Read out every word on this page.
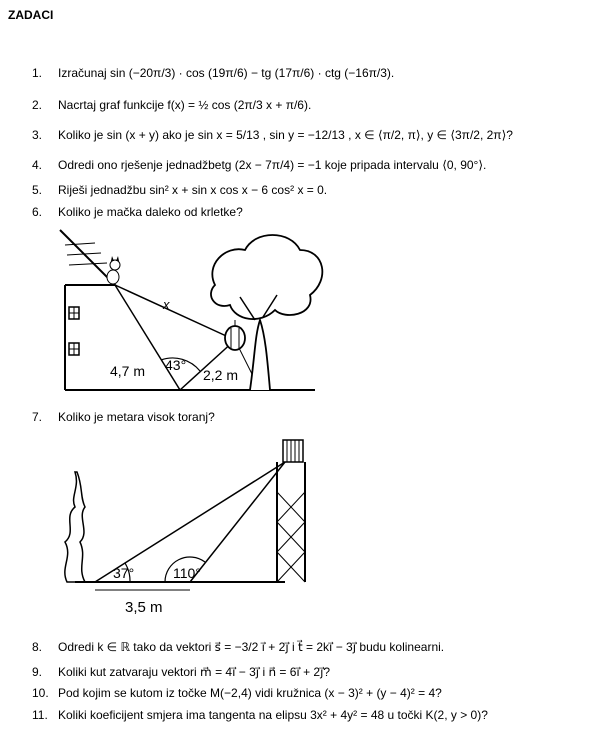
ZADACI
1. Izračunaj sin (−20π/3) · cos (19π/6) − tg (17π/6) · ctg (−16π/3).
2. Nacrtaj graf funkcije f(x) = ½ cos (2π/3 x + π/6).
3. Koliko je sin (x + y) ako je sin x = 5/13 , sin y = −12/13 , x ∈ ⟨π/2, π⟩, y ∈ ⟨3π/2, 2π⟩?
4. Odredi ono rješenje jednadžbetg (2x − 7π/4) = −1 koje pripada intervalu ⟨0, 90°⟩.
5. Riješi jednadžbu sin² x + sin x cos x − 6 cos² x = 0.
6. Koliko je mačka daleko od krletke?
x
4,7 m 43°
2,2 m
7. Koliko je metara visok toranj?
37°	110°
3,5 m
8. Odredi k ∈ ℝ tako da vektori s⃗ = −3/2 i⃗ + 2j⃗ i t⃗ = 2ki⃗ − 3j⃗ budu kolinearni.
9. Koliki kut zatvaraju vektori m⃗ = 4i⃗ − 3j⃗ i n⃗ = 6i⃗ + 2j⃗?
10. Pod kojim se kutom iz točke M(−2,4) vidi kružnica (x − 3)² + (y − 4)² = 4?
11. Koliki koeficijent smjera ima tangenta na elipsu 3x² + 4y² = 48 u točki K(2, y > 0)?
